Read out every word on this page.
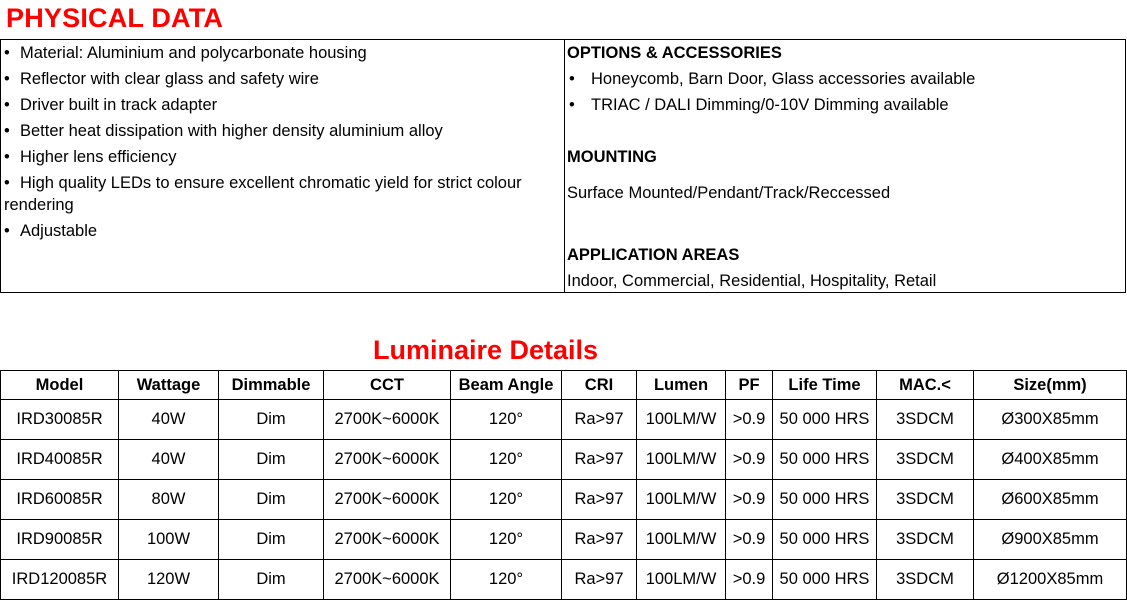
PHYSICAL DATA

• Material: Aluminium and polycarbonate housing

• Reflector with clear glass and safety wire

• Driver built in track adapter

• Better heat dissipation with higher density aluminium alloy

• Higher lens efficiency

• High quality LEDs to ensure excellent chromatic yield for strict colour rendering

• Adjustable

OPTIONS & ACCESSORIES

• Honeycomb, Barn Door, Glass accessories available

• TRIAC / DALI Dimming/0-10V Dimming available

MOUNTING

Surface Mounted/Pendant/Track/Reccessed

APPLICATION AREAS

Indoor, Commercial, Residential, Hospitality, Retail

Luminaire Details
Model	Wattage	Dimmable	CCT	Beam Angle	CRI	Lumen	PF	Life Time	MAC.<	Size(mm)
IRD30085R	40W	Dim	2700K~6000K	120°	Ra>97	100LM/W	>0.9	50 000 HRS	3SDCM	Ø300X85mm
IRD40085R	40W	Dim	2700K~6000K	120°	Ra>97	100LM/W	>0.9	50 000 HRS	3SDCM	Ø400X85mm
IRD60085R	80W	Dim	2700K~6000K	120°	Ra>97	100LM/W	>0.9	50 000 HRS	3SDCM	Ø600X85mm
IRD90085R	100W	Dim	2700K~6000K	120°	Ra>97	100LM/W	>0.9	50 000 HRS	3SDCM	Ø900X85mm
IRD120085R	120W	Dim	2700K~6000K	120°	Ra>97	100LM/W	>0.9	50 000 HRS	3SDCM	Ø1200X85mm
